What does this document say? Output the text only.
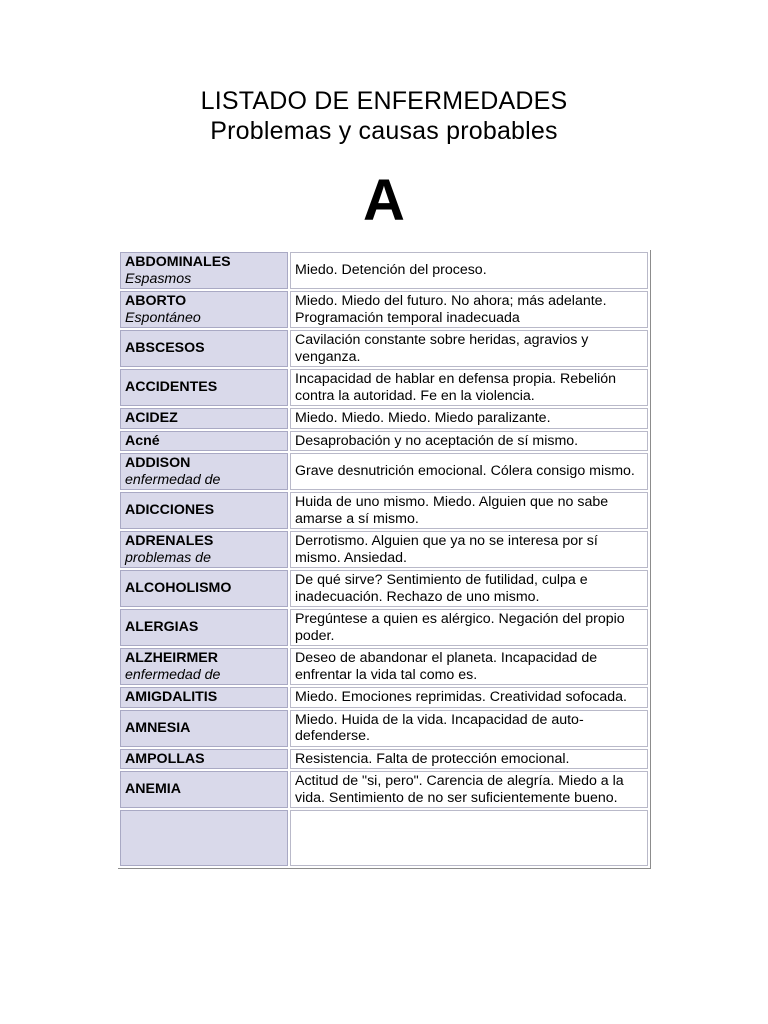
LISTADO DE ENFERMEDADES
Problemas y causas probables
A
ABDOMINALES
Espasmos	Miedo. Detención del proceso.

ABORTO
Espontáneo	Miedo. Miedo del futuro. No ahora; más adelante. Programación temporal inadecuada

ABSCESOS	Cavilación constante sobre heridas, agravios y venganza.

ACCIDENTES	Incapacidad de hablar en defensa propia. Rebelión contra la autoridad. Fe en la violencia.

ACIDEZ	Miedo. Miedo. Miedo. Miedo paralizante.

Acné	Desaprobación y no aceptación de sí mismo.

ADDISON
enfermedad de	Grave desnutrición emocional. Cólera consigo mismo.

ADICCIONES	Huida de uno mismo. Miedo. Alguien que no sabe amarse a sí mismo.

ADRENALES
problemas de	Derrotismo. Alguien que ya no se interesa por sí mismo. Ansiedad.

ALCOHOLISMO	De qué sirve? Sentimiento de futilidad, culpa e inadecuación. Rechazo de uno mismo.

ALERGIAS	Pregúntese a quien es alérgico. Negación del propio poder.

ALZHEIRMER
enfermedad de	Deseo de abandonar el planeta. Incapacidad de enfrentar la vida tal como es.

AMIGDALITIS	Miedo. Emociones reprimidas. Creatividad sofocada.

AMNESIA	Miedo. Huida de la vida. Incapacidad de auto-defenderse.

AMPOLLAS	Resistencia. Falta de protección emocional.

ANEMIA	Actitud de "si, pero". Carencia de alegría. Miedo a la vida. Sentimiento de no ser suficientemente bueno.
